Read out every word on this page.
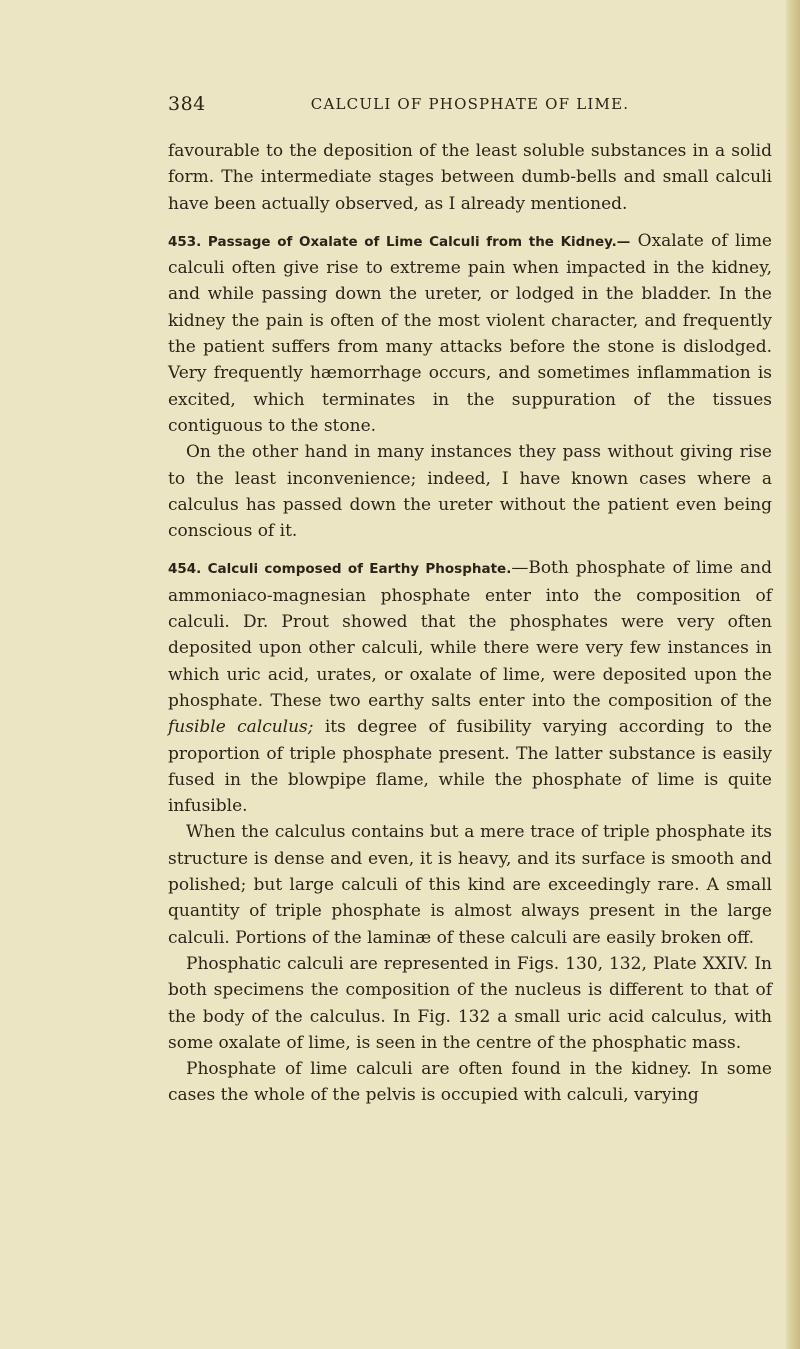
384	CALCULI OF PHOSPHATE OF LIME.

favourable to the deposition of the least soluble substances in a solid form. The intermediate stages between dumb-bells and small calculi have been actually observed, as I already mentioned.

453. Passage of Oxalate of Lime Calculi from the Kidney.— Oxalate of lime calculi often give rise to extreme pain when impacted in the kidney, and while passing down the ureter, or lodged in the bladder. In the kidney the pain is often of the most violent character, and frequently the patient suffers from many attacks before the stone is dislodged. Very frequently hæmorrhage occurs, and sometimes inflammation is excited, which terminates in the suppuration of the tissues contiguous to the stone.

On the other hand in many instances they pass without giving rise to the least inconvenience; indeed, I have known cases where a calculus has passed down the ureter without the patient even being conscious of it.

454. Calculi composed of Earthy Phosphate.—Both phosphate of lime and ammoniaco-magnesian phosphate enter into the composition of calculi. Dr. Prout showed that the phosphates were very often deposited upon other calculi, while there were very few instances in which uric acid, urates, or oxalate of lime, were deposited upon the phosphate. These two earthy salts enter into the composition of the fusible calculus; its degree of fusibility varying according to the proportion of triple phosphate present. The latter substance is easily fused in the blowpipe flame, while the phosphate of lime is quite infusible.

When the calculus contains but a mere trace of triple phosphate its structure is dense and even, it is heavy, and its surface is smooth and polished; but large calculi of this kind are exceedingly rare. A small quantity of triple phosphate is almost always present in the large calculi. Portions of the laminæ of these calculi are easily broken off.

Phosphatic calculi are represented in Figs. 130, 132, Plate XXIV. In both specimens the composition of the nucleus is different to that of the body of the calculus. In Fig. 132 a small uric acid calculus, with some oxalate of lime, is seen in the centre of the phosphatic mass.

Phosphate of lime calculi are often found in the kidney. In some cases the whole of the pelvis is occupied with calculi, varying
